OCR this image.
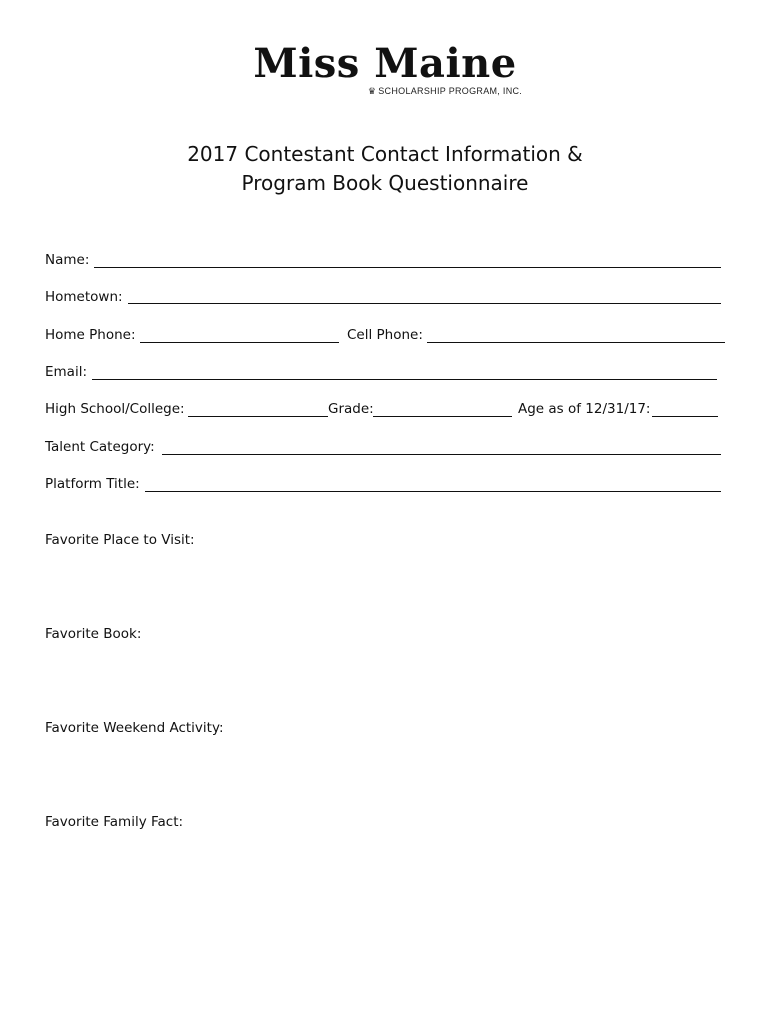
Miss Maine
♛ SCHOLARSHIP PROGRAM, INC.
2017 Contestant Contact Information &
Program Book Questionnaire
Name:
Hometown:
Home Phone:	Cell Phone:
Email:
High School/College:	Grade:	Age as of 12/31/17:
Talent Category:
Platform Title:
Favorite Place to Visit:
Favorite Book:
Favorite Weekend Activity:
Favorite Family Fact:
